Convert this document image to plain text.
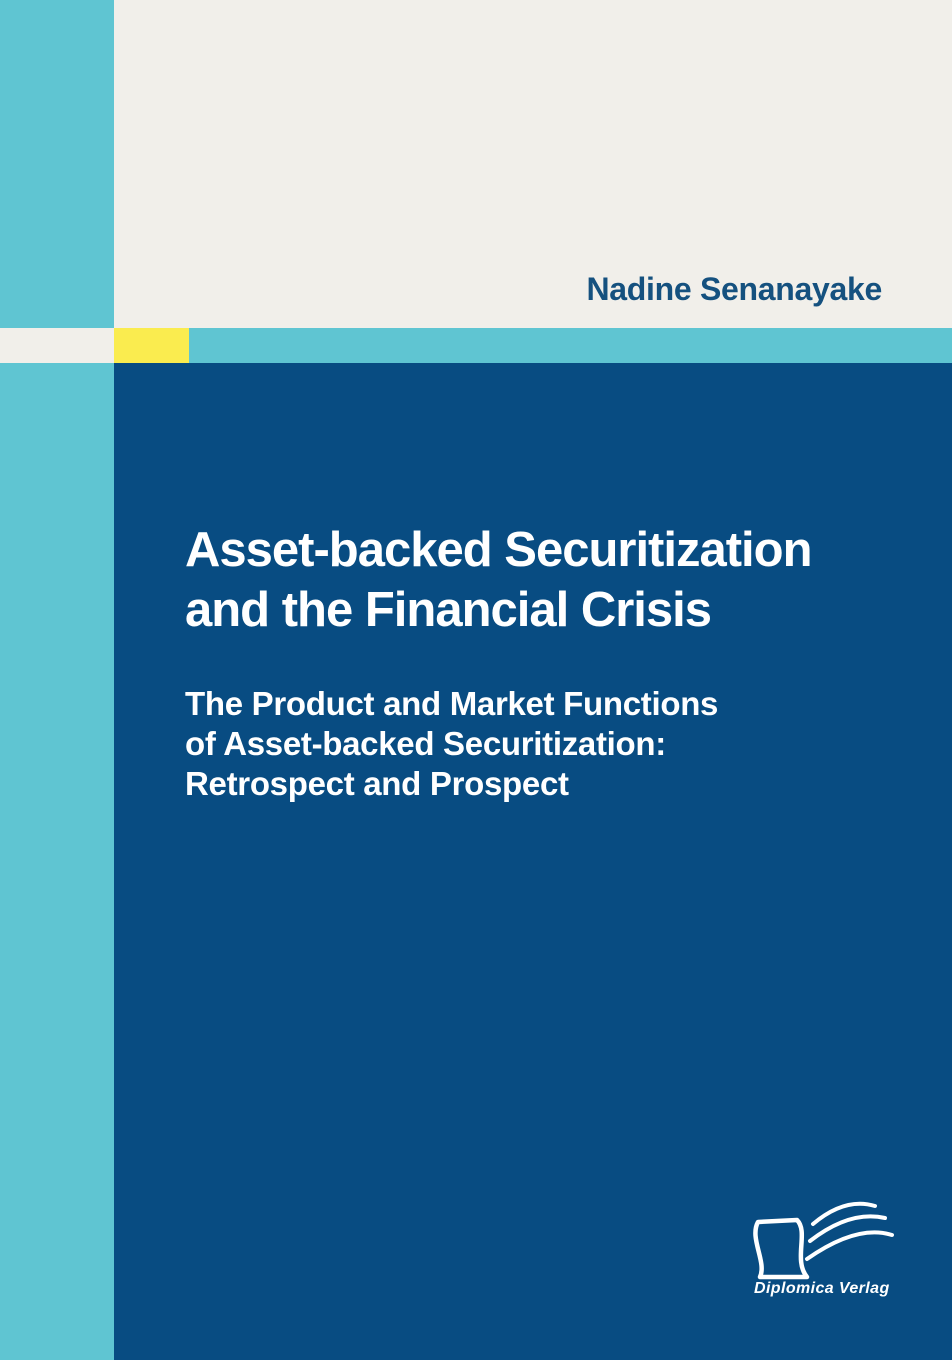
Nadine Senanayake
Asset-backed Securitization
and the Financial Crisis
The Product and Market Functions
of Asset-backed Securitization:
Retrospect and Prospect
Diplomica Verlag
